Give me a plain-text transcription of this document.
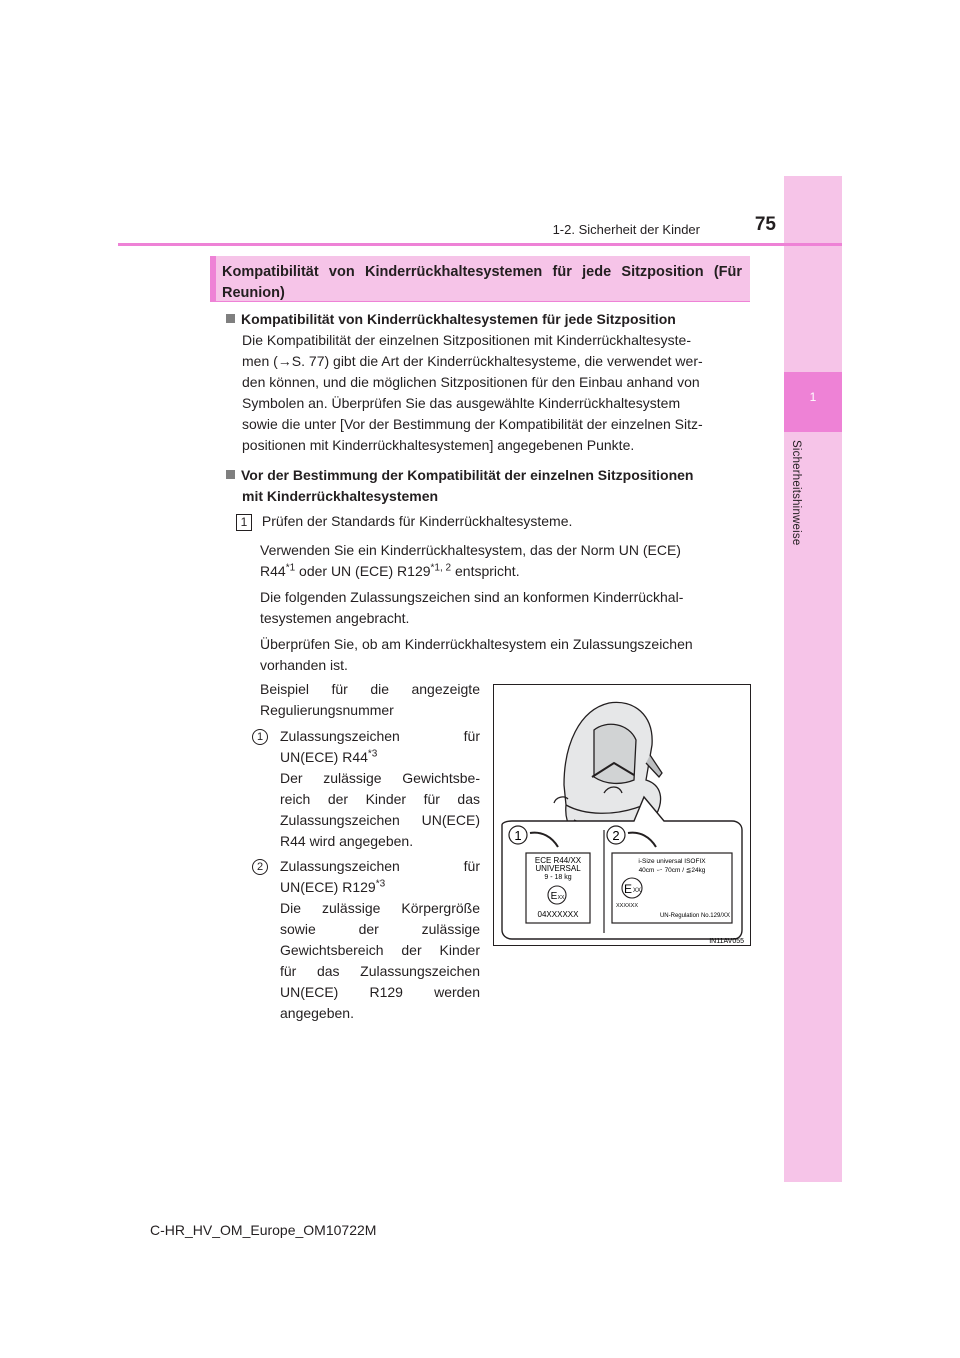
1
Sicherheitshinweise
1-2. Sicherheit der Kinder	75
Kompatibilität von Kinderrückhaltesystemen für jede Sitzposition (Für Reunion)
Kompatibilität von Kinderrückhaltesystemen für jede Sitzposition
Die Kompatibilität der einzelnen Sitzpositionen mit Kinderrückhaltesyste-
men (→S. 77) gibt die Art der Kinderrückhaltesysteme, die verwendet wer-
den können, und die möglichen Sitzpositionen für den Einbau anhand von
Symbolen an. Überprüfen Sie das ausgewählte Kinderrückhaltesystem
sowie die unter [Vor der Bestimmung der Kompatibilität der einzelnen Sitz-
positionen mit Kinderrückhaltesystemen] angegebenen Punkte.
Vor der Bestimmung der Kompatibilität der einzelnen Sitzpositionen
mit Kinderrückhaltesystemen
1 Prüfen der Standards für Kinderrückhaltesysteme.
Verwenden Sie ein Kinderrückhaltesystem, das der Norm UN (ECE)
R44$^{*1}$ oder UN (ECE) R129$^{*1, 2}$ entspricht.
Die folgenden Zulassungszeichen sind an konformen Kinderrückhal-
tesystemen angebracht.
Überprüfen Sie, ob am Kinderrückhaltesystem ein Zulassungszeichen
vorhanden ist.
Beispiel für die angezeigte
Regulierungsnummer
1	Zulassungszeichen für
UN(ECE) R44$^{*3}$
Der zulässige Gewichtsbe-
reich der Kinder für das
Zulassungszeichen UN(ECE)
R44 wird angegeben.
2	Zulassungszeichen für
UN(ECE) R129$^{*3}$
Die zulässige Körpergröße
sowie der zulässige
Gewichtsbereich der Kinder
für das Zulassungszeichen
UN(ECE) R129 werden
angegeben.
1	2
ECE R44/XX
UNIVERSAL
9 - 18 kg
E XX
04XXXXXX
i-Size universal ISOFIX
40cm ー 70cm / ≦24kg
E XX
XXXXXX
UN-Regulation No.129/XX
IN11AV055
C-HR_HV_OM_Europe_OM10722M
